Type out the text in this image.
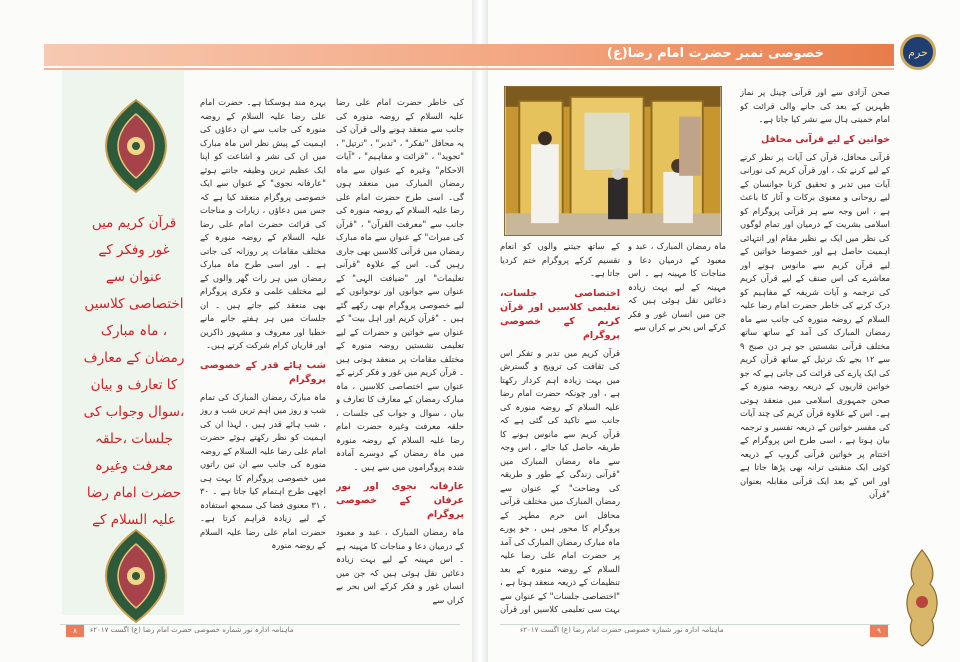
خصوصی نمبر حضرت امام رضا(ع)	حرم
قرآن کریم میں غور وفکر کے عنوان سے اختصاصی کلاسیں ، ماہ مبارک رمضان کے معارف کا تعارف و بیان ،سوال وجواب کی جلسات ،حلقہ معرفت وغیرہ حضرت امام رضا علیہ السلام کے

بہرہ مند ہوسکتا ہے۔ حضرت امام علی رضا علیہ السلام کے روضہ منورہ کی جانب سے ان دعاؤں کی اہمیت کے پیش نظر اس ماہ مبارک میں ان کی نشر و اشاعت کو اپنا ایک عظیم ترین وظیفہ جانتے ہوئے "عارفانہ نجوی" کے عنوان سے ایک خصوصی پروگرام منعقد کیا ہے کہ جس میں دعاؤں ، زیارات و مناجات کی قرائت حضرت امام علی رضا علیہ السلام کے روضہ منورہ کے مختلف مقامات پر روزانہ کی جاتی ہے ۔ اور اسی طرح ماہ مبارک رمضان میں ہر رات گھر والوں کے لیے مختلف علمی و فکری پروگرام بھی منعقد کیے جاتے ہیں ۔ ان جلسات میں ہر ہفتے جانے مانے خطبا اور معروف و مشہور ذاکرین اور قاریان کرام شرکت کرتے ہیں۔

شب ہائے قدر کے خصوصی پروگرام

ماہ مبارک رمضان المبارک کی تمام شب و روز میں اہم ترین شب و روز ، شب ہائے قدر ہیں ، لہذا ان کی اہمیت کو نظر رکھتے ہوئے حضرت امام علی رضا علیہ السلام کے روضہ منورہ کی جانب سے ان تین راتوں میں خصوصی پروگرام کا بہت ہی اچھی طرح اہتمام کیا جاتا ہے ۔ ۳۰ ، ۳۱ معنوی فضا کی سمجھ استفادہ کے لیے زیادہ فراہم کرتا ہے۔ حضرت امام علی رضا علیہ السلام کے روضہ منورہ

کی خاطر حضرت امام علی رضا علیہ السلام کے روضہ منورہ کی جانب سے منعقد ہونے والی قرآن کی یہ محافل "تفکر" ، "تدبر" ، "ترتیل" ، "تجوید" ، "قرائت و مفاہیم" ، "آیات الاحکام" وغیرہ کے عنوان سے ماہ رمضان المبارک میں منعقد ہوں گی۔ اسی طرح حضرت امام علی رضا علیہ السلام کے روضہ منورہ کی جانب سے "معرفت القرآن" ، "قرآن کی میراث" کے عنوان سے ماہ مبارک رمضان میں قرآنی کلاسیں بھی جاری رہیں گی۔ اس کے علاوہ "قرآنی تعلیمات" اور "ضیافت الہی" کے عنوان سے جوانوں اور نوجوانوں کے لیے خصوصی پروگرام بھی رکھے گئے ہیں ۔ "قرآن کریم اور اہل بیت" کے عنوان سے خواتین و حضرات کے لیے تعلیمی نشستیں روضہ منورہ کے مختلف مقامات پر منعقد ہوتی ہیں ۔ قرآن کریم میں غور و فکر کرنے کے عنوان سے اختصاصی کلاسیں ، ماہ مبارک رمضان کے معارف کا تعارف و بیان ، سوال و جواب کی جلسات ، حلقہ معرفت وغیرہ حضرت امام رضا علیہ السلام کے روضہ منورہ میں ماہ رمضان کے دوسرے آمادہ شدہ پروگراموں میں سے ہیں ۔

عارفانہ نجوی اور نور عرفان کے خصوصی پروگرام

ماہ رمضان المبارک ، عبد و معبود کے درمیان دعا و مناجات کا مہینہ ہے ۔ اس مہینہ کے لیے بہت زیادہ دعائیں نقل ہوئی ہیں کہ جن میں انسان غور و فکر کرکے اس بحر بے کراں سے

کے ساتھ جیتنے والوں کو انعام تقسیم کرکے پروگرام ختم کردیا جاتا ہے۔

اختصاصی جلسات، تعلیمی کلاسیں اور قرآن کریم کے خصوصی پروگرام

قرآن کریم میں تدبر و تفکر اس کی ثقافت کی ترویج و گسترش میں بہت زیادہ اہم کردار رکھتا ہے ، اور چونکہ حضرت امام رضا علیہ السلام کے روضہ منورہ کی جانب سے تاکید کی گئی ہے کہ قرآن کریم سے مانوس ہونے کا طریقہ حاصل کیا جائے ، اس وجہ سے ماہ رمضان المبارک میں "قرآنی زندگی کے طور و طریقہ کی وضاحت" کے عنوان سے رمضان المبارک میں مختلف قرآنی محافل اس حرم مطہر کے پروگرام کا محور ہیں ، جو پورے ماہ مبارک رمضان المبارک کی آمد پر حضرت امام علی رضا علیہ السلام کے روضہ منورہ کے بعد تنظیمات کے ذریعہ منعقد ہوتا ہے ، "اختصاصی جلسات" کے عنوان سے بہت سی تعلیمی کلاسیں اور قرآن

ماہ رمضان المبارک ، عبد و معبود کے درمیان دعا و مناجات کا مہینہ ہے ۔ اس مہینہ کے لیے بہت زیادہ دعائیں نقل ہوئی ہیں کہ جن میں انسان غور و فکر کرکے اس بحر بے کراں سے

صحن آزادی سے اور قرآنی چینل پر نماز ظہرین کے بعد کی جانے والی قرائت کو امام خمینی ہال سے نشر کیا جاتا ہے۔

خواتین کے لیے قرآنی محافل

قرآنی محافل، قرآن کی آیات پر نظر کرنے کے لیے کرنے تک ، اور قرآن کریم کی نورانی آیات میں تدبر و تحقیق کرنا جوانسان کے لیے روحانی و معنوی برکات و آثار کا باعث ہے ، اس وجہ سے ہر قرآنی پروگرام کو اسلامی بشریت کے درمیان اور تمام لوگوں کی نظر میں ایک بے نظیر مقام اور انتہائی اہمیت حاصل ہے اور خصوصا خواتین کے لیے قرآن کریم سے مانوس ہونے اور معاشرے کی اس صنف کے لیے قرآن کریم کی ترجمہ و آیات شریفہ کے مفاہیم کو درک کرنے کی خاطر حضرت امام رضا علیہ السلام کے روضہ منورہ کی جانب سے ماہ رمضان المبارک کی آمد کے ساتھ ساتھ مختلف قرآنی نشستیں جو ہر دن صبح ۹ سے ۱۲ بجے تک ترتیل کے ساتھ قرآن کریم کی ایک پارے کی قرائت کی جاتی ہے کہ جو خواتین قاریوں کے ذریعہ روضہ منورہ کے صحن جمہوری اسلامی میں منعقد ہوتی ہے۔ اس کے علاوہ قرآن کریم کی چند آیات کی مفسر خواتین کے ذریعہ تفسیر و ترجمہ بیان ہوتا ہے ، اسی طرح اس پروگرام کے اختتام پر خواتین قرآنی گروپ کے ذریعہ کوئی ایک منقبتی ترانہ بھی پڑھا جاتا ہے اور اس کے بعد ایک قرآنی مقابلہ بعنوان "قرآن

۸	ماہنامہ ادارہ نور شماره خصوصی حضرت امام رضا (ع) اگست ۲۰۱۷ء	ماہنامہ ادارہ نور شماره خصوصی حضرت امام رضا (ع) اگست ۲۰۱۷ء	۹
